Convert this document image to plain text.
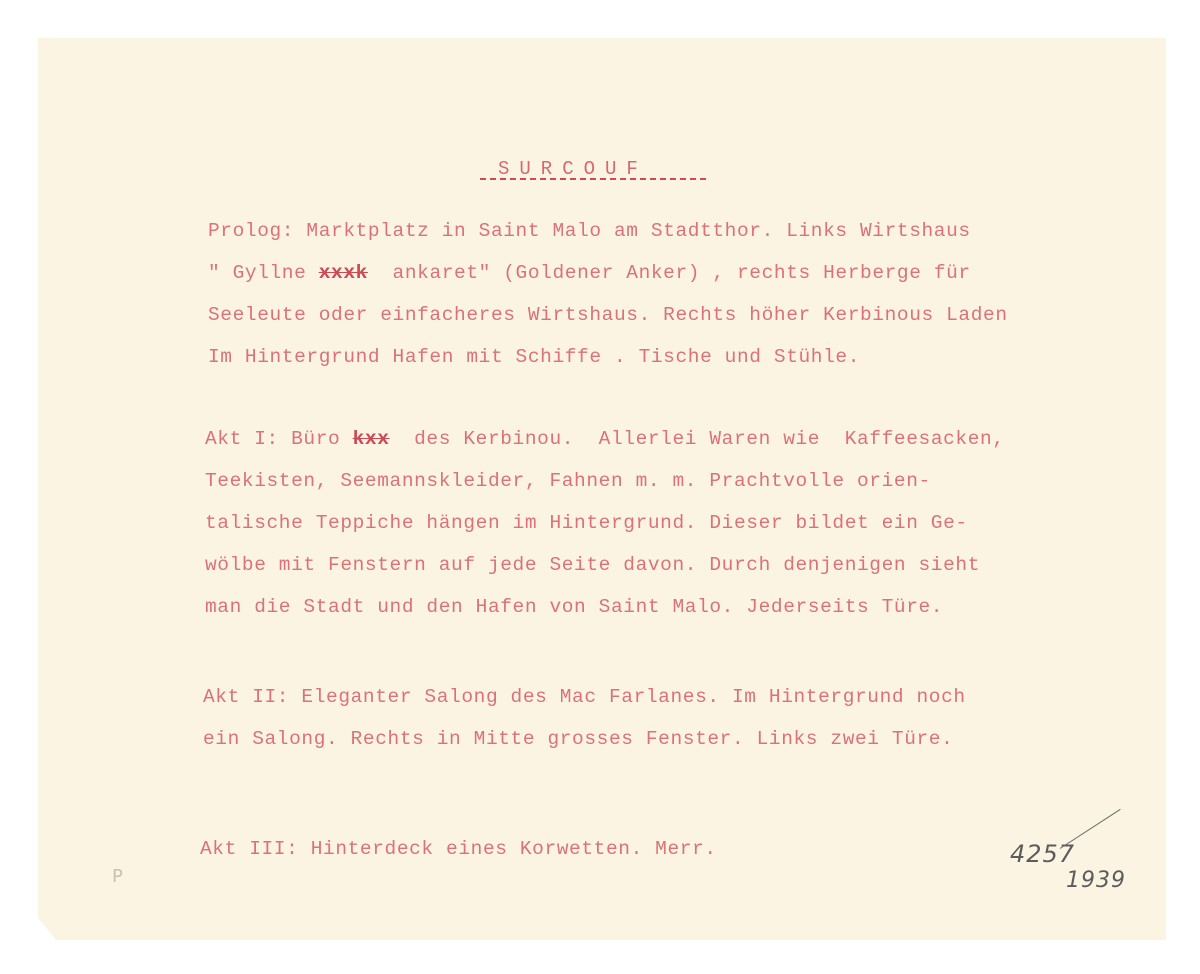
SURCOUF
Prolog: Marktplatz in Saint Malo am Stadtthor. Links Wirtshaus
" Gyllne xxxk  ankaret" (Goldener Anker) , rechts Herberge für
Seeleute oder einfacheres Wirtshaus. Rechts höher Kerbinous Laden
Im Hintergrund Hafen mit Schiffe . Tische und Stühle.
Akt I: Büro kxx  des Kerbinou.  Allerlei Waren wie  Kaffeesacken,
Teekisten, Seemannskleider, Fahnen m. m. Prachtvolle orien-
talische Teppiche hängen im Hintergrund. Dieser bildet ein Ge-
wölbe mit Fenstern auf jede Seite davon. Durch denjenigen sieht
man die Stadt und den Hafen von Saint Malo. Jederseits Türe.
Akt II: Eleganter Salong des Mac Farlanes. Im Hintergrund noch
ein Salong. Rechts in Mitte grosses Fenster. Links zwei Türe.
Akt III: Hinterdeck eines Korwetten. Merr.
P
4257
1939
